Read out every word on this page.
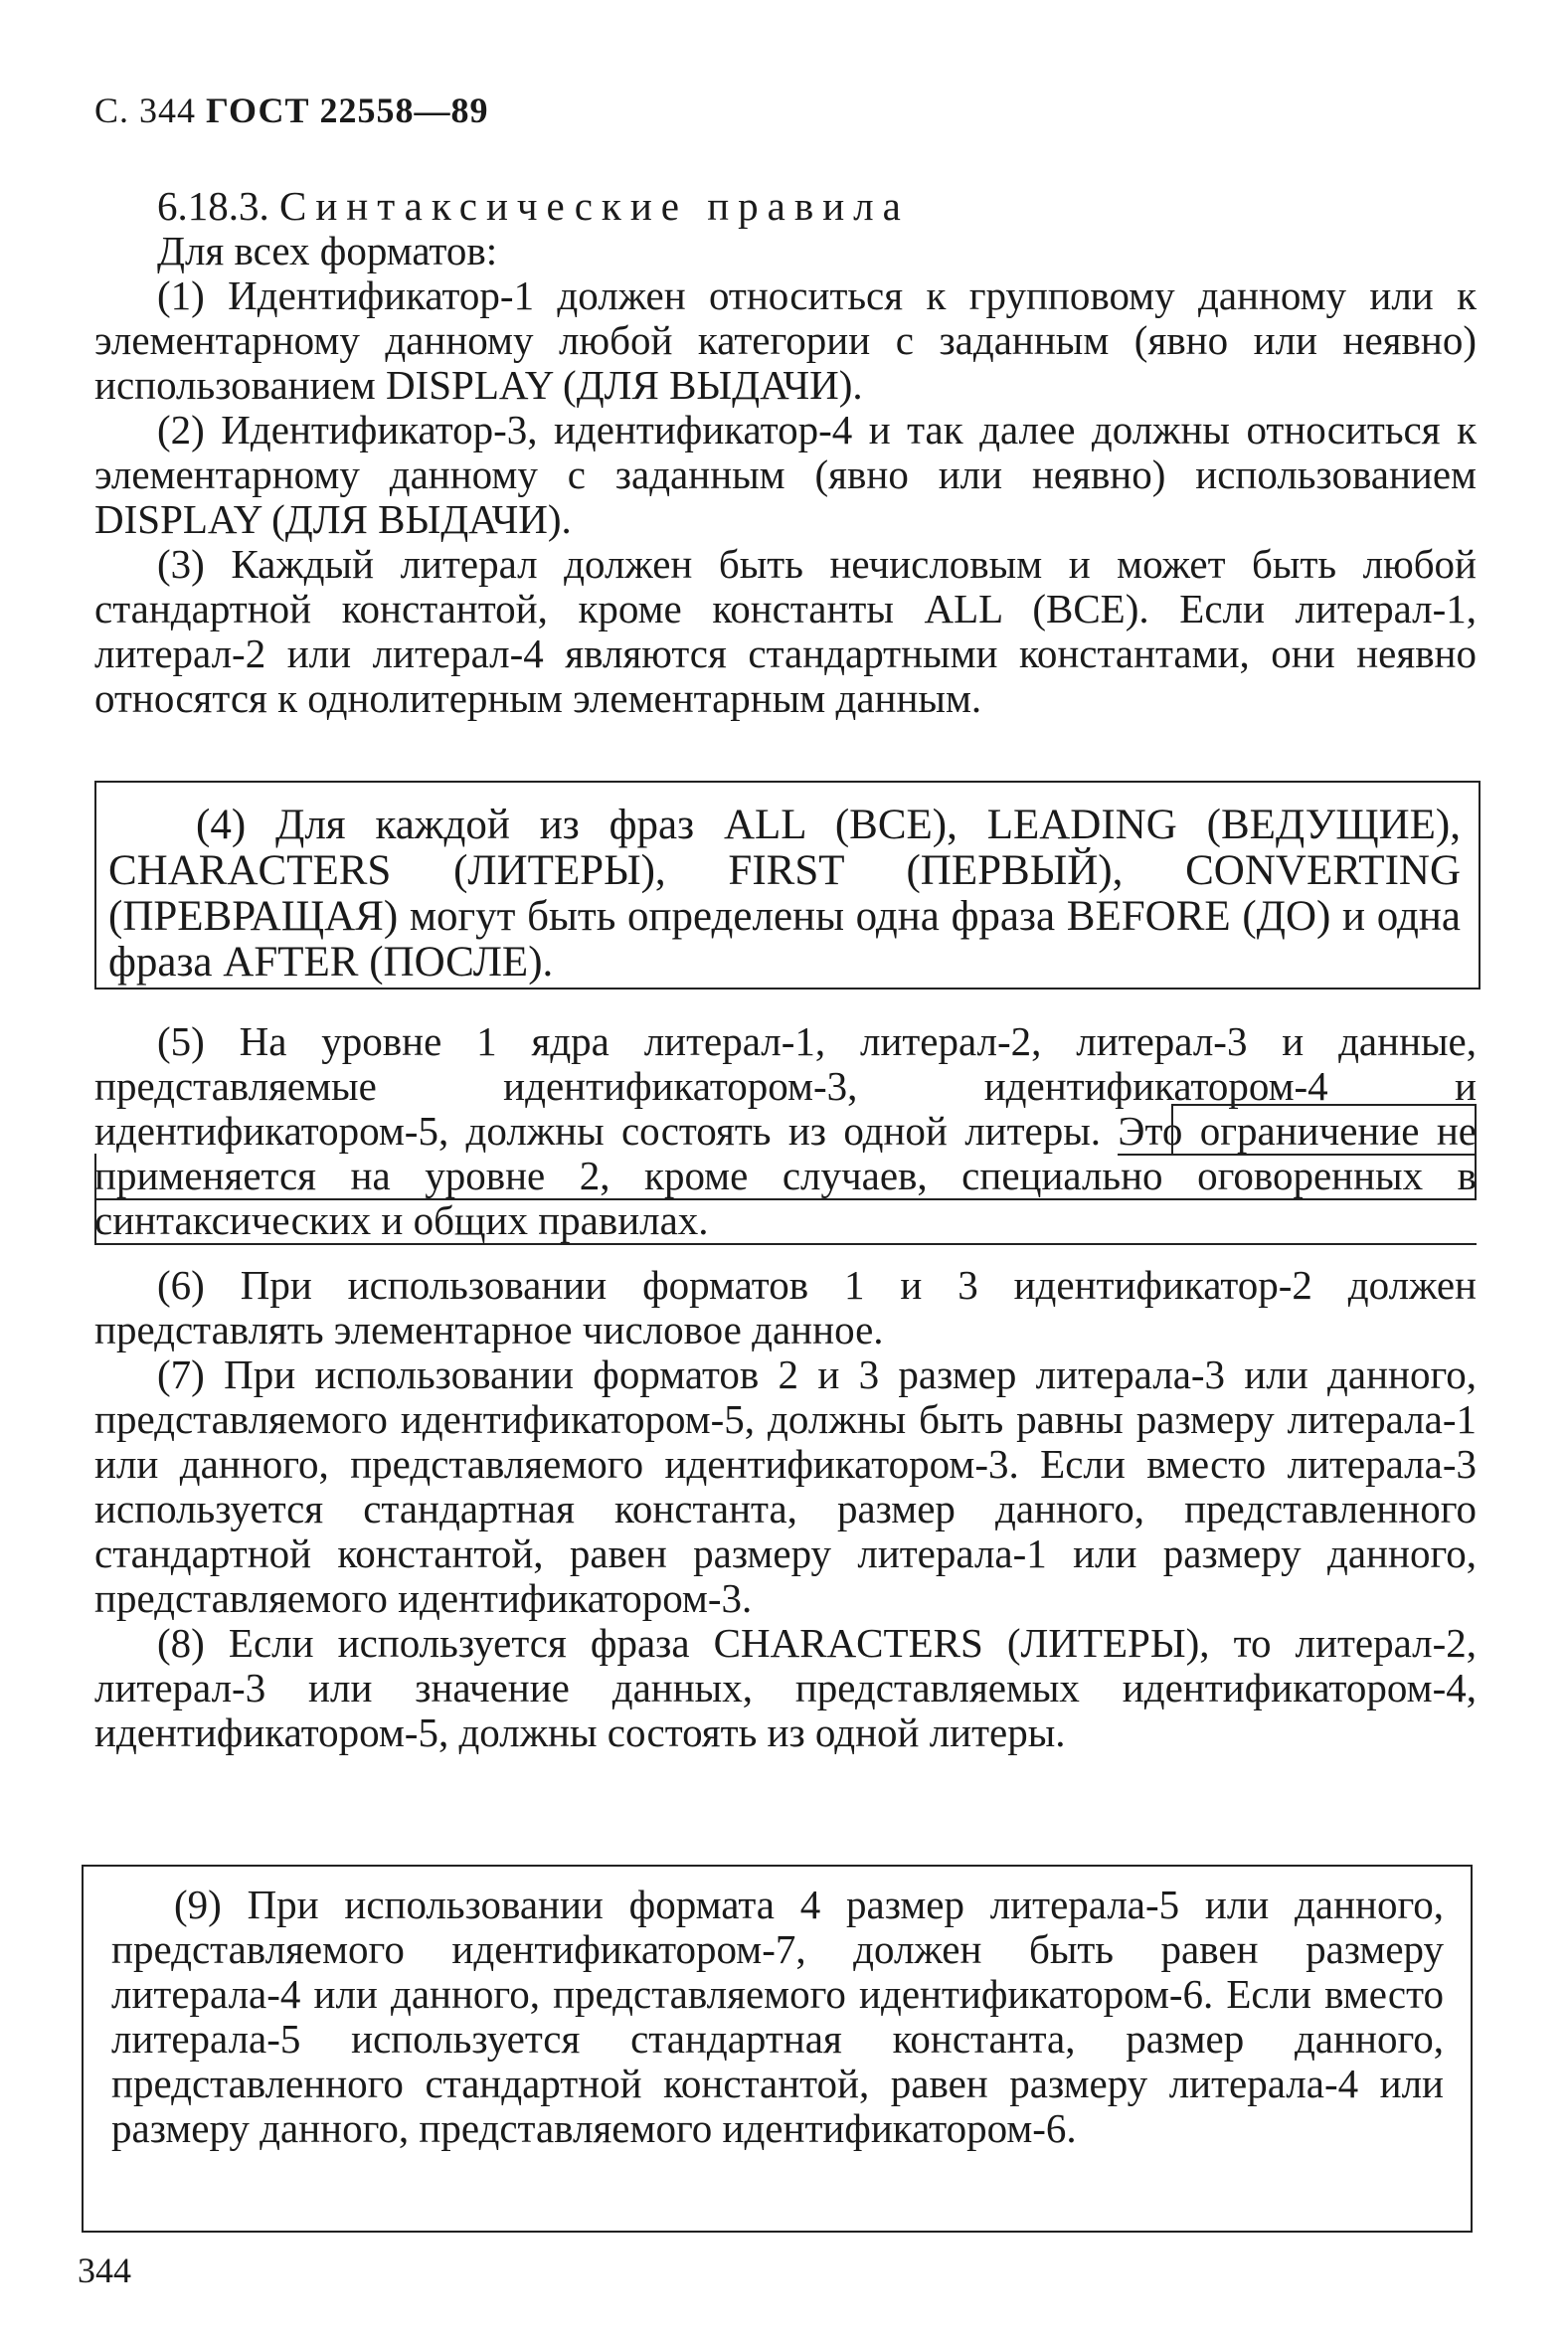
С. 344 ГОСТ 22558—89

6.18.3. Синтаксические правила

Для всех форматов:

(1) Идентификатор-1 должен относиться к групповому данному или к элементарному данному любой категории с заданным (явно или неявно) использованием DISPLAY (ДЛЯ ВЫДАЧИ).

(2) Идентификатор-3, идентификатор-4 и так далее должны относиться к элементарному данному с заданным (явно или неявно) использованием DISPLAY (ДЛЯ ВЫДАЧИ).

(3) Каждый литерал должен быть нечисловым и может быть любой стандартной константой, кроме константы ALL (ВСЕ). Если литерал-1, литерал-2 или литерал-4 являются стандартными константами, они неявно относятся к однолитерным элементарным данным.

(4) Для каждой из фраз ALL (ВСЕ), LEADING (ВЕДУЩИЕ), CHARACTERS (ЛИТЕРЫ), FIRST (ПЕРВЫЙ), CONVERTING (ПРЕВРАЩАЯ) могут быть определены одна фраза BEFORE (ДО) и одна фраза AFTER (ПОСЛЕ).

(5) На уровне 1 ядра литерал-1, литерал-2, литерал-3 и данные, представляемые идентификатором-3, идентификатором-4 и идентификатором-5, должны состоять из одной литеры. Это ограничение не применяется на уровне 2, кроме случаев, специально оговоренных в синтаксических и общих правилах.

(6) При использовании форматов 1 и 3 идентификатор-2 должен представлять элементарное числовое данное.

(7) При использовании форматов 2 и 3 размер литерала-3 или данного, представляемого идентификатором-5, должны быть равны размеру литерала-1 или данного, представляемого идентификатором-3. Если вместо литерала-3 используется стандартная константа, размер данного, представленного стандартной константой, равен размеру литерала-1 или размеру данного, представляемого идентификатором-3.

(8) Если используется фраза CHARACTERS (ЛИТЕРЫ), то литерал-2, литерал-3 или значение данных, представляемых идентификатором-4, идентификатором-5, должны состоять из одной литеры.

(9) При использовании формата 4 размер литерала-5 или данного, представляемого идентификатором-7, должен быть равен размеру литерала-4 или данного, представляемого идентификатором-6. Если вместо литерала-5 используется стандартная константа, размер данного, представленного стандартной константой, равен размеру литерала-4 или размеру данного, представляемого идентификатором-6.

344
